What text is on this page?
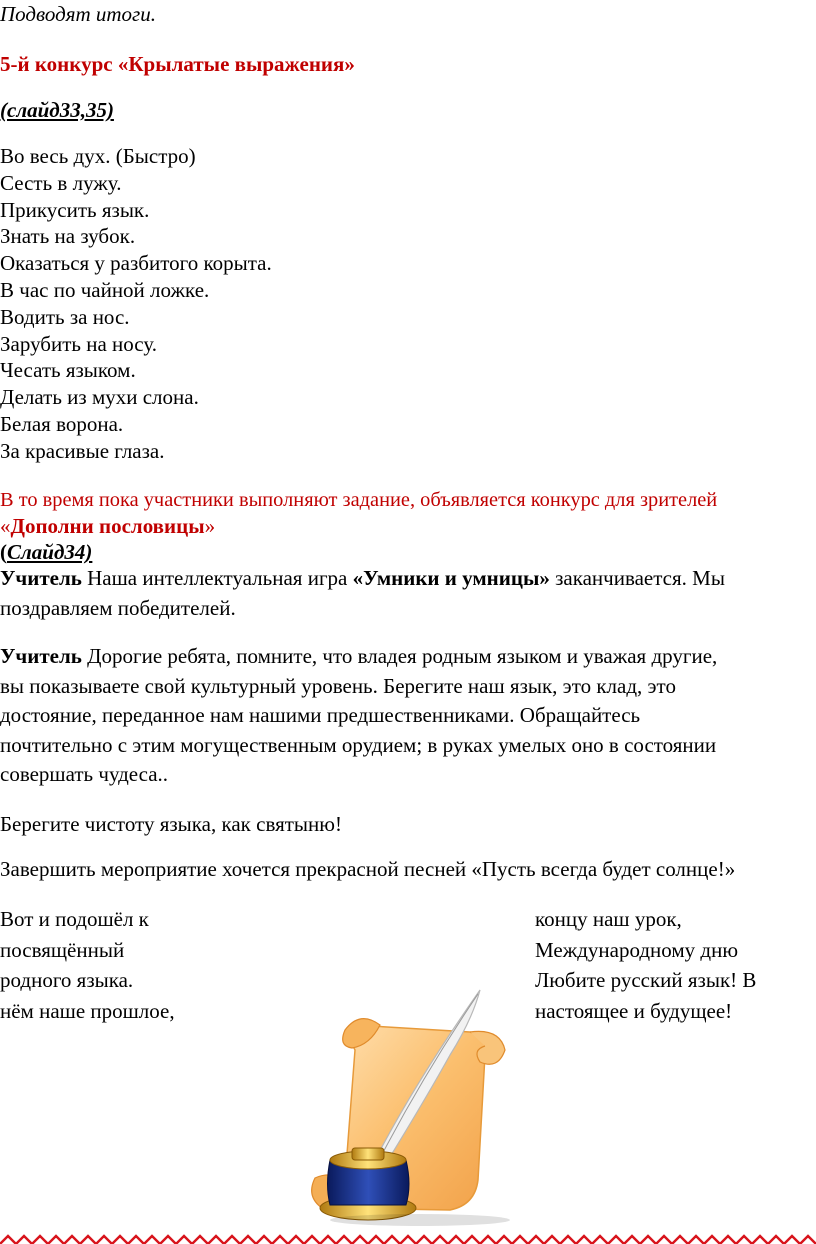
Подводят итоги.

5-й конкурс «Крылатые выражения»

(слайд33,35)

Во весь дух. (Быстро)
Сесть в лужу.
Прикусить язык.
Знать на зубок.
Оказаться у разбитого корыта.
В час по чайной ложке.
Водить за нос.
Зарубить на носу.
Чесать языком.
Делать из мухи слона.
Белая ворона.
За красивые глаза.
В то время пока участники выполняют задание, объявляется конкурс для зрителей
«Дополни пословицы»
(Слайд34)
Учитель Наша интеллектуальная игра «Умники и умницы» заканчивается. Мы
поздравляем победителей.
Учитель Дорогие ребята, помните, что владея родным языком и уважая другие,
вы показываете свой культурный уровень. Берегите наш язык, это клад, это
достояние, переданное нам нашими предшественниками. Обращайтесь
почтительно с этим могущественным орудием; в руках умелых оно в состоянии
совершать чудеса..

Берегите чистоту языка, как святыню!

Завершить мероприятие хочется прекрасной песней «Пусть всегда будет солнце!»

Вот и подошёл к
посвящённый
родного языка.
нём наше прошлое,
концу наш урок,
Международному дню
Любите русский язык! В
настоящее и будущее!
